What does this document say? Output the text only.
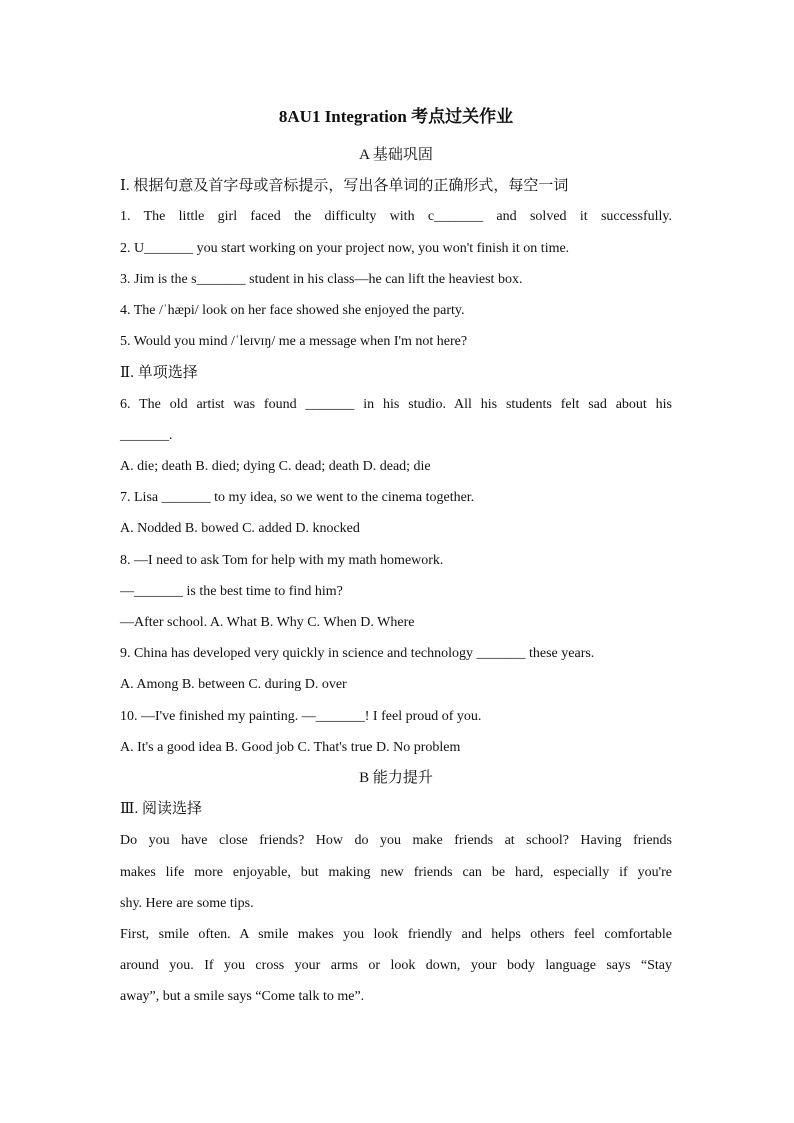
8AU1 Integration 考点过关作业
A 基础巩固
Ⅰ. 根据句意及首字母或音标提示，写出各单词的正确形式，每空一词
1. The little girl faced the difficulty with c_______ and solved it successfully.
2. U_______ you start working on your project now, you won't finish it on time.
3. Jim is the s_______ student in his class—he can lift the heaviest box.
4. The /ˈhæpi/ look on her face showed she enjoyed the party.
5. Would you mind /ˈleɪvɪŋ/ me a message when I'm not here?
Ⅱ. 单项选择
6. The old artist was found _______ in his studio. All his students felt sad about his
_______.
A. die; death B. died; dying C. dead; death D. dead; die
7. Lisa _______ to my idea, so we went to the cinema together.
A. Nodded B. bowed C. added D. knocked
8. —I need to ask Tom for help with my math homework.
—_______ is the best time to find him?
—After school. A. What B. Why C. When D. Where
9. China has developed very quickly in science and technology _______ these years.
A. Among B. between C. during D. over
10. —I've finished my painting. —_______! I feel proud of you.
A. It's a good idea B. Good job C. That's true D. No problem
B 能力提升
Ⅲ. 阅读选择
Do you have close friends? How do you make friends at school? Having friends
makes life more enjoyable, but making new friends can be hard, especially if you're
shy. Here are some tips.
First, smile often. A smile makes you look friendly and helps others feel comfortable
around you. If you cross your arms or look down, your body language says “Stay
away”, but a smile says “Come talk to me”.
